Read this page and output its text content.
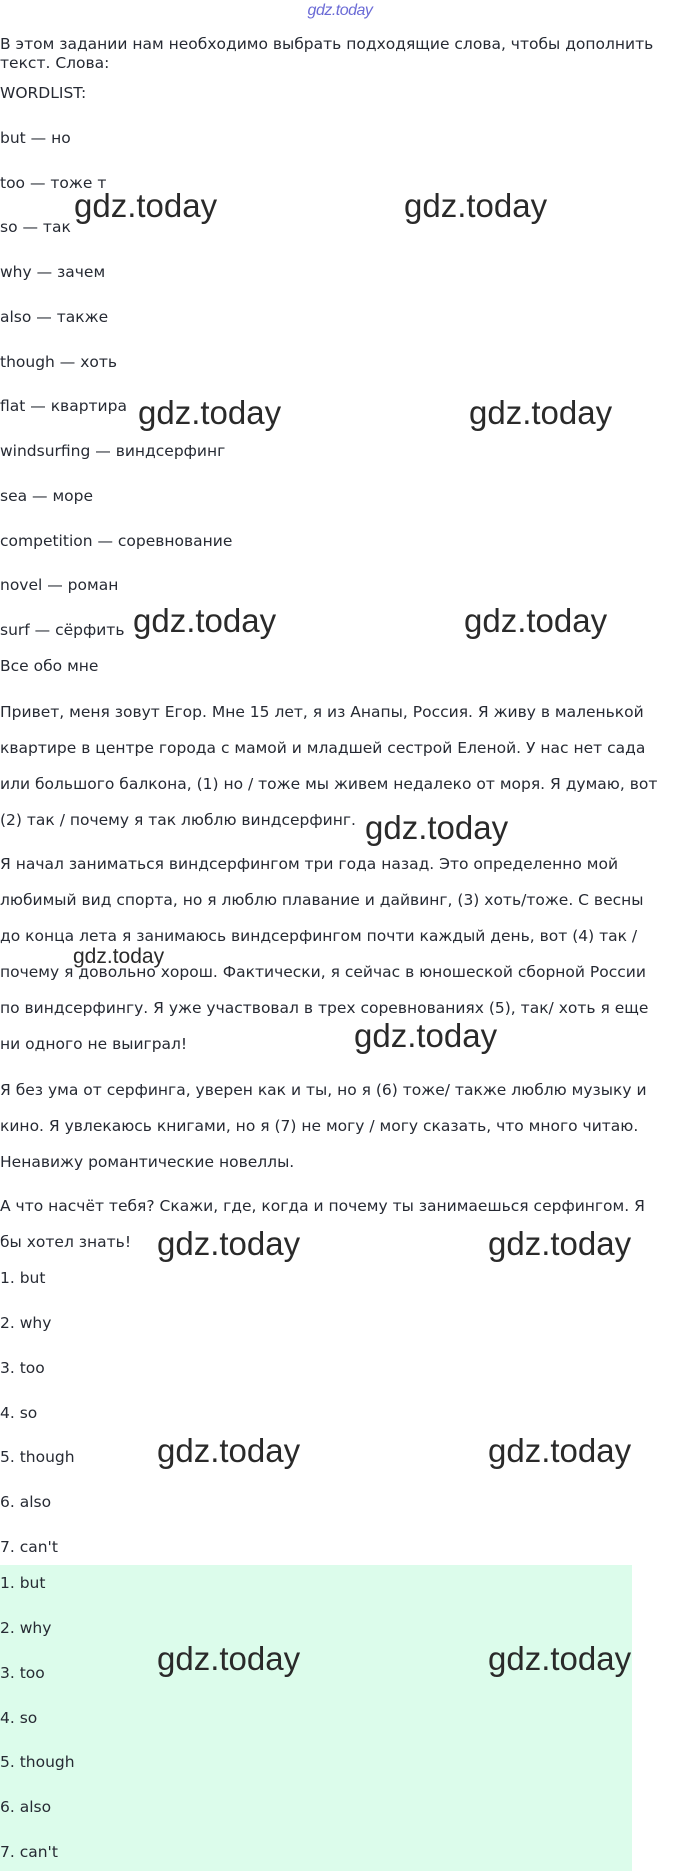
gdz.today
В этом задании нам необходимо выбрать подходящие слова, чтобы дополнить
текст. Слова:
WORDLIST:
but — но
too — тоже т
so — так
why — зачем
also — также
though — хоть
flat — квартира
windsurfing — виндсерфинг
sea — море
competition — соревнование
novel — роман
surf — сёрфить
Все обо мне
Привет, меня зовут Егор. Мне 15 лет, я из Анапы, Россия. Я живу в маленькой
квартире в центре города с мамой и младшей сестрой Еленой. У нас нет сада
или большого балкона, (1) но / тоже мы живем недалеко от моря. Я думаю, вот
(2) так / почему я так люблю виндсерфинг.
Я начал заниматься виндсерфингом три года назад. Это определенно мой
любимый вид спорта, но я люблю плавание и дайвинг, (3) хоть/тоже. С весны
до конца лета я занимаюсь виндсерфингом почти каждый день, вот (4) так /
почему я довольно хорош. Фактически, я сейчас в юношеской сборной России
по виндсерфингу. Я уже участвовал в трех соревнованиях (5), так/ хоть я еще
ни одного не выиграл!
Я без ума от серфинга, уверен как и ты, но я (6) тоже/ также люблю музыку и
кино. Я увлекаюсь книгами, но я (7) не могу / могу сказать, что много читаю.
Ненавижу романтические новеллы.
А что насчёт тебя? Скажи, где, когда и почему ты занимаешься серфингом. Я
бы хотел знать!
1. but
2. why
3. too
4. so
5. though
6. also
7. can't
1. but
2. why
3. too
4. so
5. though
6. also
7. can't
gdz.today	gdz.today
gdz.today	gdz.today
gdz.today	gdz.today
gdz.today
gdz.today
gdz.today
gdz.today	gdz.today
gdz.today	gdz.today
gdz.today	gdz.today
